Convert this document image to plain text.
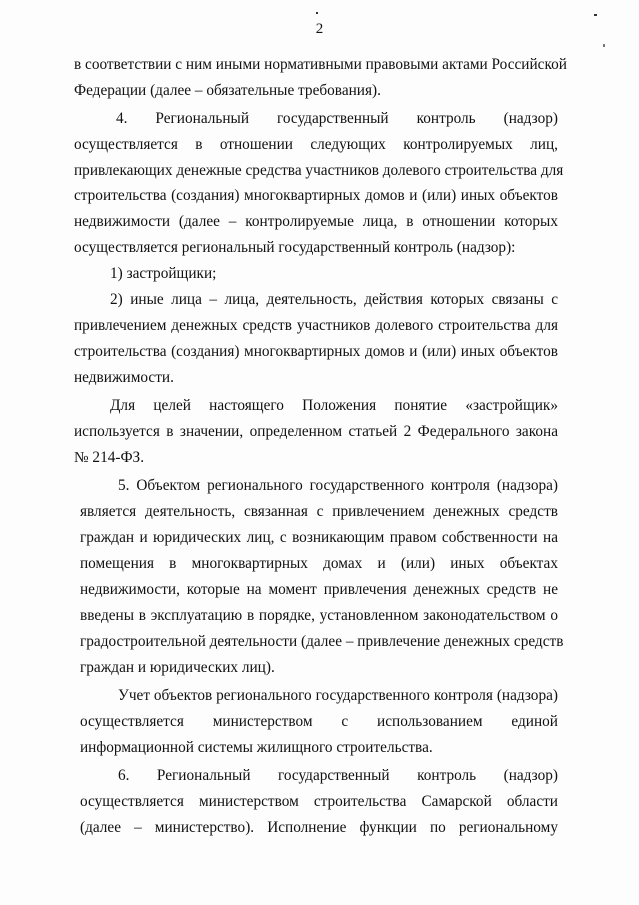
2
в соответствии с ним иными нормативными правовыми актами Российской
Федерации (далее – обязательные требования).
4. Региональный государственный контроль (надзор)
осуществляется в отношении следующих контролируемых лиц,
привлекающих денежные средства участников долевого строительства для
строительства (создания) многоквартирных домов и (или) иных объектов
недвижимости (далее – контролируемые лица, в отношении которых
осуществляется региональный государственный контроль (надзор):
1) застройщики;
2) иные лица – лица, деятельность, действия которых связаны с
привлечением денежных средств участников долевого строительства для
строительства (создания) многоквартирных домов и (или) иных объектов
недвижимости.
Для целей настоящего Положения понятие «застройщик»
используется в значении, определенном статьей 2 Федерального закона
№ 214-ФЗ.
5. Объектом регионального государственного контроля (надзора)
является деятельность, связанная с привлечением денежных средств
граждан и юридических лиц, с возникающим правом собственности на
помещения в многоквартирных домах и (или) иных объектах
недвижимости, которые на момент привлечения денежных средств не
введены в эксплуатацию в порядке, установленном законодательством о
градостроительной деятельности (далее – привлечение денежных средств
граждан и юридических лиц).
Учет объектов регионального государственного контроля (надзора)
осуществляется министерством с использованием единой
информационной системы жилищного строительства.
6. Региональный государственный контроль (надзор)
осуществляется министерством строительства Самарской области
(далее – министерство). Исполнение функции по региональному
